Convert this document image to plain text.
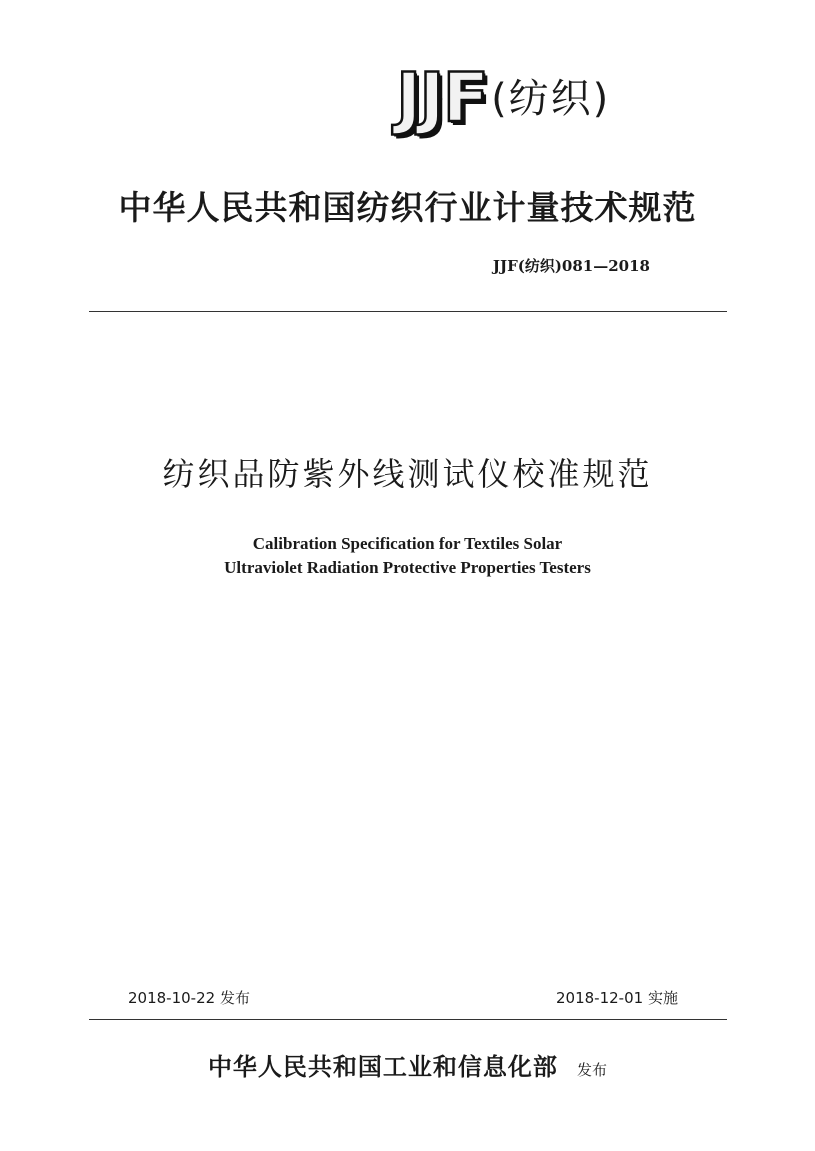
JJF (纺织)
中华人民共和国纺织行业计量技术规范
JJF(纺织)081—2018
纺织品防紫外线测试仪校准规范
Calibration Specification for Textiles Solar
Ultraviolet Radiation Protective Properties Testers
2018-10-22 发布	2018-12-01 实施
中华人民共和国工业和信息化部 发布
